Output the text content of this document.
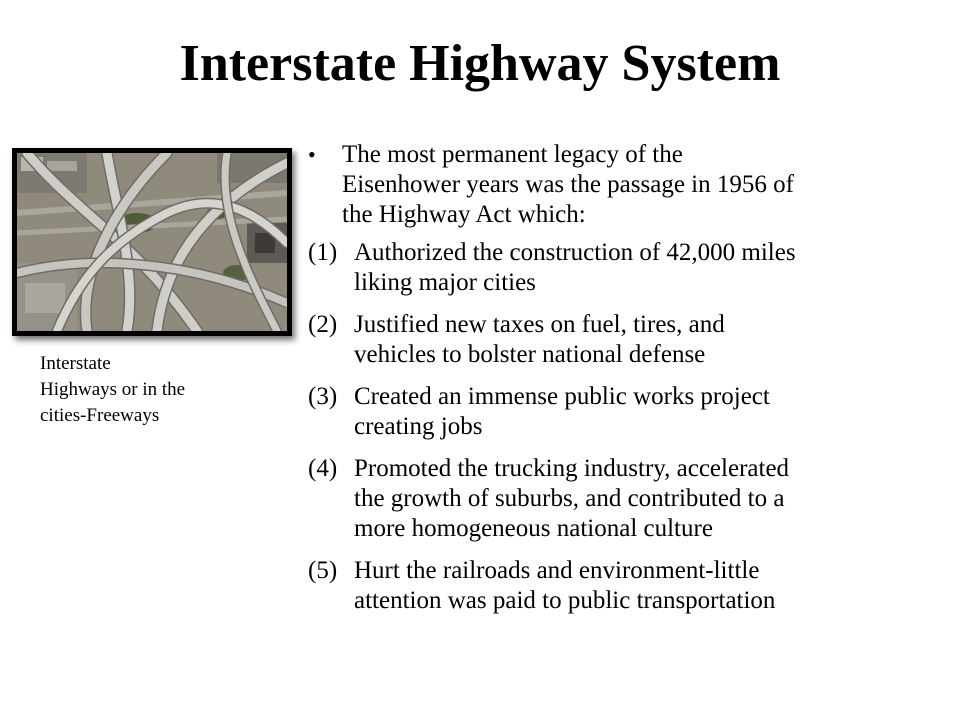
Interstate Highway System
Interstate
Highways or in the
cities-Freeways
• The most permanent legacy of the
Eisenhower years was the passage in 1956 of
the Highway Act which:
(1) Authorized the construction of 42,000 miles
liking major cities
(2) Justified new taxes on fuel, tires, and
vehicles to bolster national defense
(3) Created an immense public works project
creating jobs
(4) Promoted the trucking industry, accelerated
the growth of suburbs, and contributed to a
more homogeneous national culture
(5) Hurt the railroads and environment-little
attention was paid to public transportation
